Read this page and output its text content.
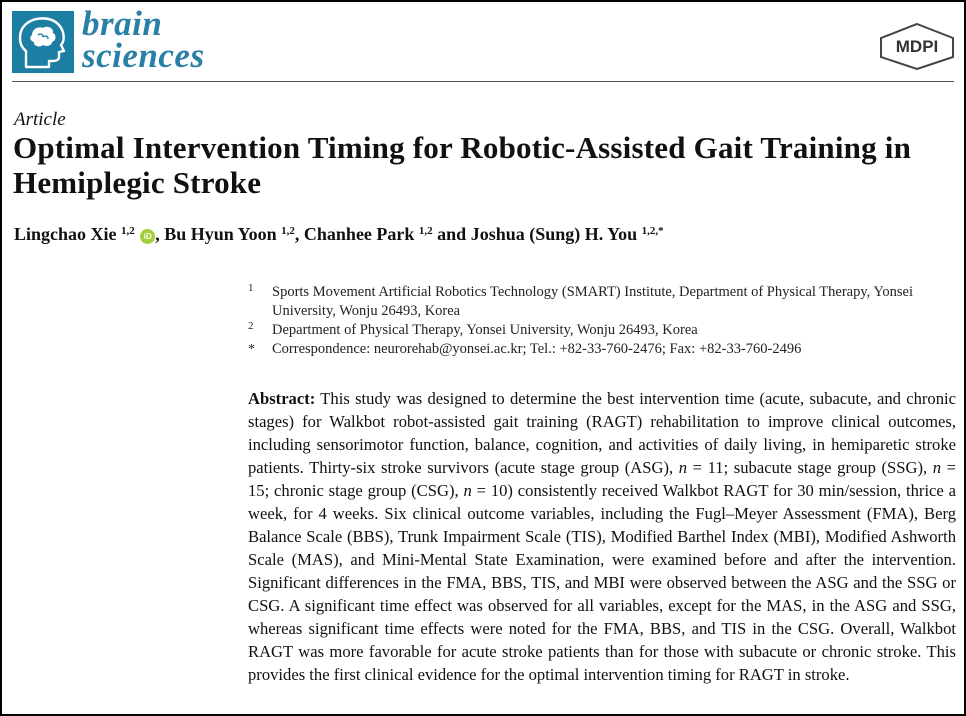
brain
sciences	MDPI
Article
Optimal Intervention Timing for Robotic-Assisted Gait Training in Hemiplegic Stroke
Lingchao Xie $^{1,2}$ iD , Bu Hyun Yoon $^{1,2}$, Chanhee Park $^{1,2}$ and Joshua (Sung) H. You $^{1,2,*}$

1 Sports Movement Artificial Robotics Technology (SMART) Institute, Department of Physical Therapy, Yonsei University, Wonju 26493, Korea

2 Department of Physical Therapy, Yonsei University, Wonju 26493, Korea

* Correspondence: neurorehab@yonsei.ac.kr; Tel.: +82-33-760-2476; Fax: +82-33-760-2496

Abstract: This study was designed to determine the best intervention time (acute, subacute, and chronic stages) for Walkbot robot-assisted gait training (RAGT) rehabilitation to improve clinical outcomes, including sensorimotor function, balance, cognition, and activities of daily living, in hemiparetic stroke patients. Thirty-six stroke survivors (acute stage group (ASG), n = 11; subacute stage group (SSG), n = 15; chronic stage group (CSG), n = 10) consistently received Walkbot RAGT for 30 min/session, thrice a week, for 4 weeks. Six clinical outcome variables, including the Fugl–Meyer Assessment (FMA), Berg Balance Scale (BBS), Trunk Impairment Scale (TIS), Modified Barthel Index (MBI), Modified Ashworth Scale (MAS), and Mini-Mental State Examination, were examined before and after the intervention. Significant differences in the FMA, BBS, TIS, and MBI were observed between the ASG and the SSG or CSG. A significant time effect was observed for all variables, except for the MAS, in the ASG and SSG, whereas significant time effects were noted for the FMA, BBS, and TIS in the CSG. Overall, Walkbot RAGT was more favorable for acute stroke patients than for those with subacute or chronic stroke. This provides the first clinical evidence for the optimal intervention timing for RAGT in stroke.
